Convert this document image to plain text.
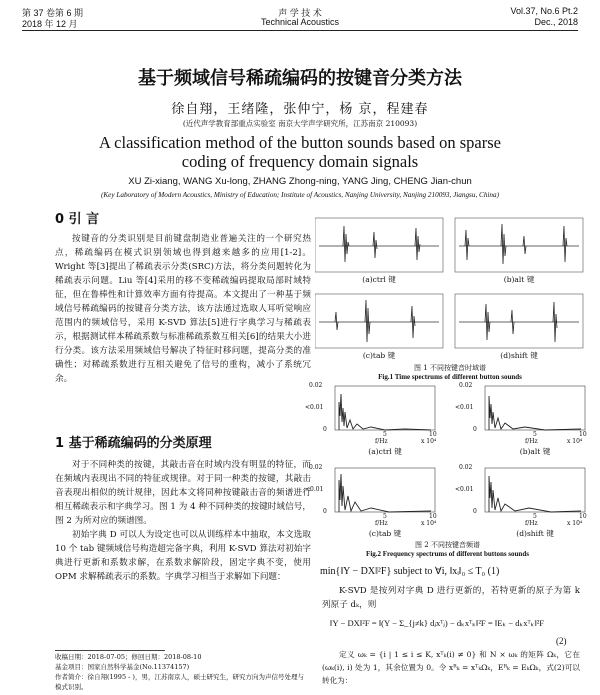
第 37 卷第 6 期
2018 年 12 月
声 学 技 术
Technical Acoustics
Vol.37, No.6 Pt.2
Dec., 2018
基于频域信号稀疏编码的按键音分类方法
徐自翔，王绪隆，张仲宁，杨 京，程建春
(近代声学教育部重点实验室 南京大学声学研究所，江苏南京 210093)
A classification method of the button sounds based on sparse
coding of frequency domain signals
XU Zi-xiang, WANG Xu-long, ZHANG Zhong-ning, YANG Jing, CHENG Jian-chun
(Key Laboratory of Modern Acoustics, Ministry of Education; Institute of Acoustics, Nanjing University, Nanjing 210093, Jiangsu, China)
0 引 言

按键音的分类识别是目前键盘制造业普遍关注的一个研究热点，稀疏编码在模式识别领域也得到越来越多的应用[1-2]。Wright 等[3]提出了稀疏表示分类(SRC)方法，将分类问题转化为稀疏表示问题。Liu 等[4]采用的移不变稀疏编码提取局部时域特征，但在鲁棒性和计算效率方面有待提高。本文提出了一种基于频域信号稀疏编码的按键音分类方法，该方法通过选取人耳听觉响应范围内的频域信号，采用 K-SVD 算法[5]进行字典学习与稀疏表示，根据测试样本稀疏系数与标准稀疏系数互相关[6]的结果大小进行分类。该方法采用频域信号解决了特征时移问题，提高分类的准确性；对稀疏系数进行互相关避免了信号的重构，减小了系统冗余。

1 基于稀疏编码的分类原理

对于不同种类的按键，其敲击音在时域内没有明显的特征，而在频域内表现出不同的特征或规律。对于同一种类的按键，其敲击音表现出相似的统计规律，因此本文将同种按键敲击音的频谱进行相互稀疏表示和字典学习。图 1 为 4 种不同种类的按键时域信号，图 2 为所对应的频谱图。

初始字典 D 可以人为设定也可以从训练样本中抽取，本文选取 10 个 tab 键频域信号构造超完备字典，利用 K-SVD 算法对初始字典进行更新和系数求解，在系数求解阶段，固定字典不变，使用 OPM 求解稀疏表示的系数。字典学习相当于求解如下问题：

收稿日期：2018-07-05；修回日期：2018-08-10
基金项目：国家自然科学基金(No.11374157)
作者简介：徐自翔(1995 - )，男，江苏南京人，硕士研究生，研究方向为声信号处理与模式识别。
(a)ctrl 键	(b)alt 键
(c)tab 键	(d)shift 键
图 1 不同按键音时域谱
Fig.1 Time spectrums of different button sounds
0.02
<0.01
0
0.02
<0.01
0
0.02
<0.01
0
0.02
<0.01
0
5	10
f/Hz	x 10⁴
5	10
f/Hz	x 10⁴
5	10
f/Hz	x 10⁴
5	10
f/Hz	x 10⁴
(a)ctrl 键	(b)alt 键
(c)tab 键	(d)shift 键
图 2 不同按键音频谱
Fig.2 Frequency spectrums of different buttons sounds
min{‖Y − DX‖²F} subject to ∀i, ‖xᵢ‖₀ ≤ T₀ (1)

K-SVD 是按列对字典 D 进行更新的，若特更新的原子为第 k 列原子 dₖ，则

‖Y − DX‖²F = ‖(Y − Σ_{j≠k} dⱼxᵀⱼ) − dₖxᵀₖ‖²F = ‖Eₖ − dₖxᵀₖ‖²F
(2)

定义 ωₖ = {i | 1 ≤ i ≤ K, xᵀₖ(i) ≠ 0} 和 N × ωₖ 的矩阵 Ωₖ，它在 (ωₖ(i), i) 处为 1，其余位置为 0。令 xᴿₖ = xᵀₖΩₖ，Eᴿₖ = EₖΩₖ，式(2)可以转化为：
